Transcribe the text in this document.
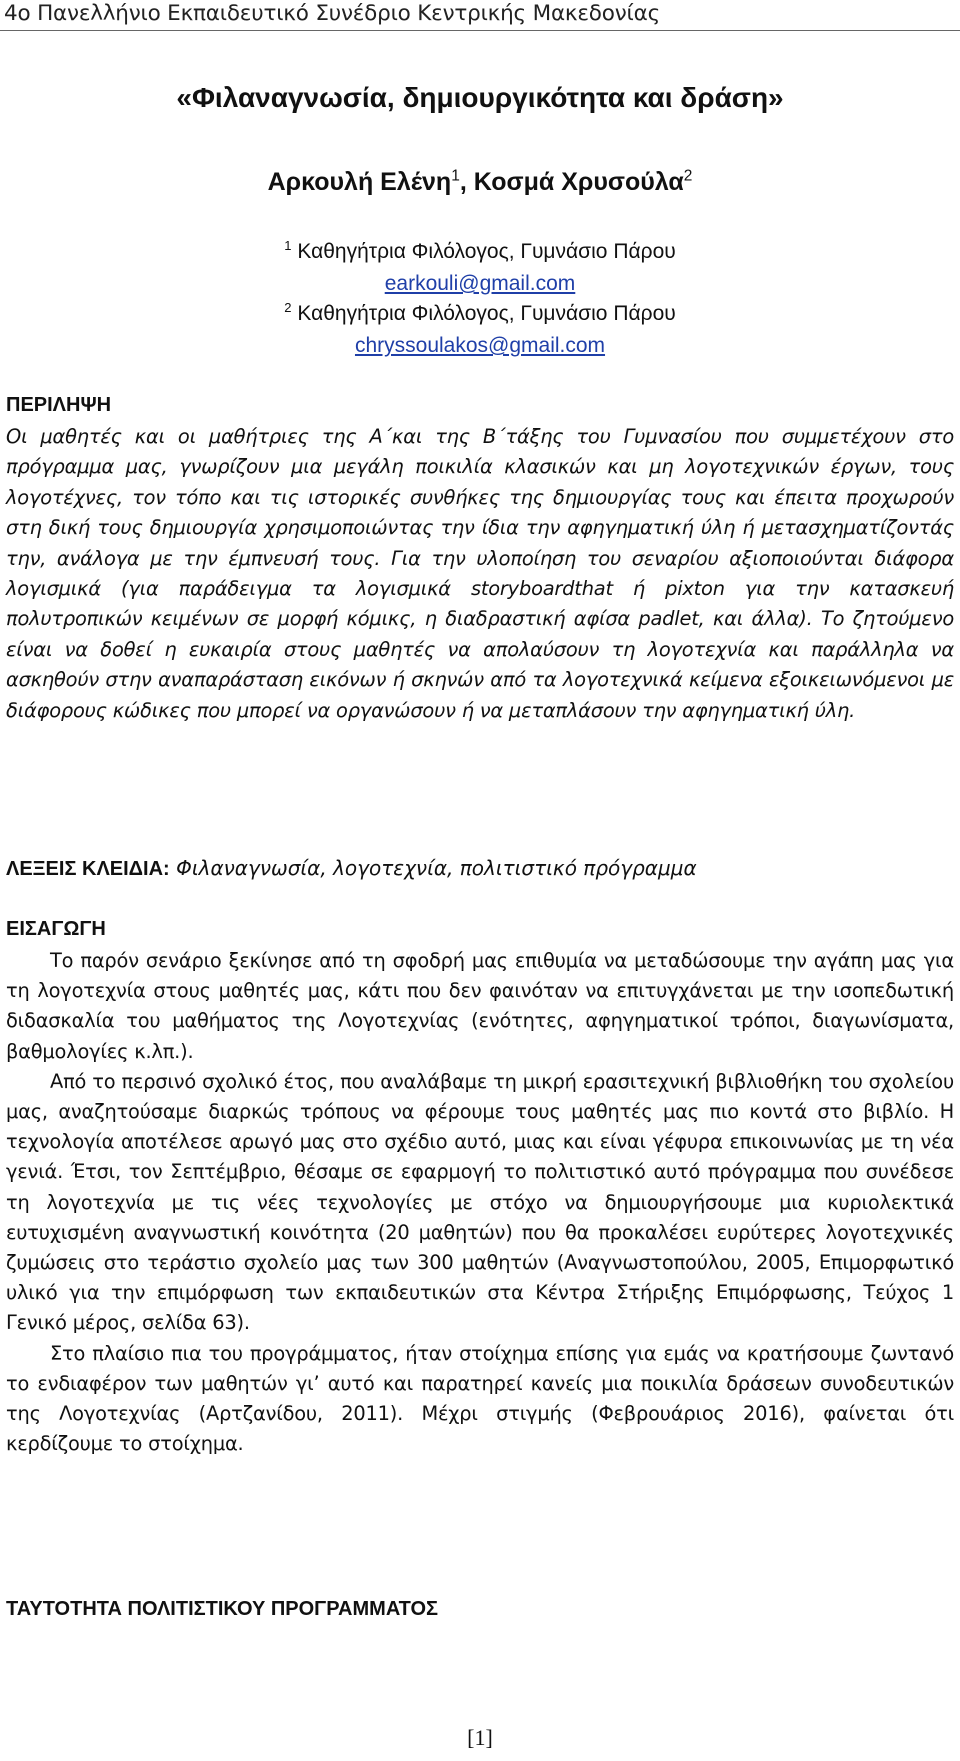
4ο Πανελλήνιο Εκπαιδευτικό Συνέδριο Κεντρικής Μακεδονίας
«Φιλαναγνωσία, δημιουργικότητα και δράση»
Αρκουλή Ελένη$^1$, Κοσμά Χρυσούλα$^2$
$^1$ Καθηγήτρια Φιλόλογος, Γυμνάσιο Πάρου
earkouli@gmail.com
$^2$ Καθηγήτρια Φιλόλογος, Γυμνάσιο Πάρου
chryssoulakos@gmail.com
ΠΕΡΙΛΗΨΗ

Οι μαθητές και οι μαθήτριες της Α΄και της Β΄τάξης του Γυμνασίου που συμμετέχουν στο πρόγραμμα μας, γνωρίζουν μια μεγάλη ποικιλία κλασικών και μη λογοτεχνικών έργων, τους λογοτέχνες, τον τόπο και τις ιστορικές συνθήκες της δημιουργίας τους και έπειτα προχωρούν στη δική τους δημιουργία χρησιμοποιώντας την ίδια την αφηγηματική ύλη ή μετασχηματίζοντάς την, ανάλογα με την έμπνευσή τους. Για την υλοποίηση του σεναρίου αξιοποιούνται διάφορα λογισμικά (για παράδειγμα τα λογισμικά storyboardthat ή pixton για την κατασκευή πολυτροπικών κειμένων σε μορφή κόμικς, η διαδραστική αφίσα padlet, και άλλα). Το ζητούμενο είναι να δοθεί η ευκαιρία στους μαθητές να απολαύσουν τη λογοτεχνία και παράλληλα να ασκηθούν στην αναπαράσταση εικόνων ή σκηνών από τα λογοτεχνικά κείμενα εξοικειωνόμενοι με διάφορους κώδικες που μπορεί να οργανώσουν ή να μεταπλάσουν την αφηγηματική ύλη.

ΛΕΞΕΙΣ ΚΛΕΙΔΙΑ: Φιλαναγνωσία, λογοτεχνία, πολιτιστικό πρόγραμμα
ΕΙΣΑΓΩΓΗ

Το παρόν σενάριο ξεκίνησε από τη σφοδρή μας επιθυμία να μεταδώσουμε την αγάπη μας για τη λογοτεχνία στους μαθητές μας, κάτι που δεν φαινόταν να επιτυγχάνεται με την ισοπεδωτική διδασκαλία του μαθήματος της Λογοτεχνίας (ενότητες, αφηγηματικοί τρόποι, διαγωνίσματα, βαθμολογίες κ.λπ.).

Από το περσινό σχολικό έτος, που αναλάβαμε τη μικρή ερασιτεχνική βιβλιοθήκη του σχολείου μας, αναζητούσαμε διαρκώς τρόπους να φέρουμε τους μαθητές μας πιο κοντά στο βιβλίο. Η τεχνολογία αποτέλεσε αρωγό μας στο σχέδιο αυτό, μιας και είναι γέφυρα επικοινωνίας με τη νέα γενιά. Έτσι, τον Σεπτέμβριο, θέσαμε σε εφαρμογή το πολιτιστικό αυτό πρόγραμμα που συνέδεσε τη λογοτεχνία με τις νέες τεχνολογίες με στόχο να δημιουργήσουμε μια κυριολεκτικά ευτυχισμένη αναγνωστική κοινότητα (20 μαθητών) που θα προκαλέσει ευρύτερες λογοτεχνικές ζυμώσεις στο τεράστιο σχολείο μας των 300 μαθητών (Αναγνωστοπούλου, 2005, Επιμορφωτικό υλικό για την επιμόρφωση των εκπαιδευτικών στα Κέντρα Στήριξης Επιμόρφωσης, Τεύχος 1 Γενικό μέρος, σελίδα 63).

Στο πλαίσιο πια του προγράμματος, ήταν στοίχημα επίσης για εμάς να κρατήσουμε ζωντανό το ενδιαφέρον των μαθητών γι’ αυτό και παρατηρεί κανείς μια ποικιλία δράσεων συνοδευτικών της Λογοτεχνίας (Αρτζανίδου, 2011). Μέχρι στιγμής (Φεβρουάριος 2016), φαίνεται ότι κερδίζουμε το στοίχημα.

ΤΑΥΤΟΤΗΤΑ ΠΟΛΙΤΙΣΤΙΚΟΥ ΠΡΟΓΡΑΜΜΑΤΟΣ
[1]
